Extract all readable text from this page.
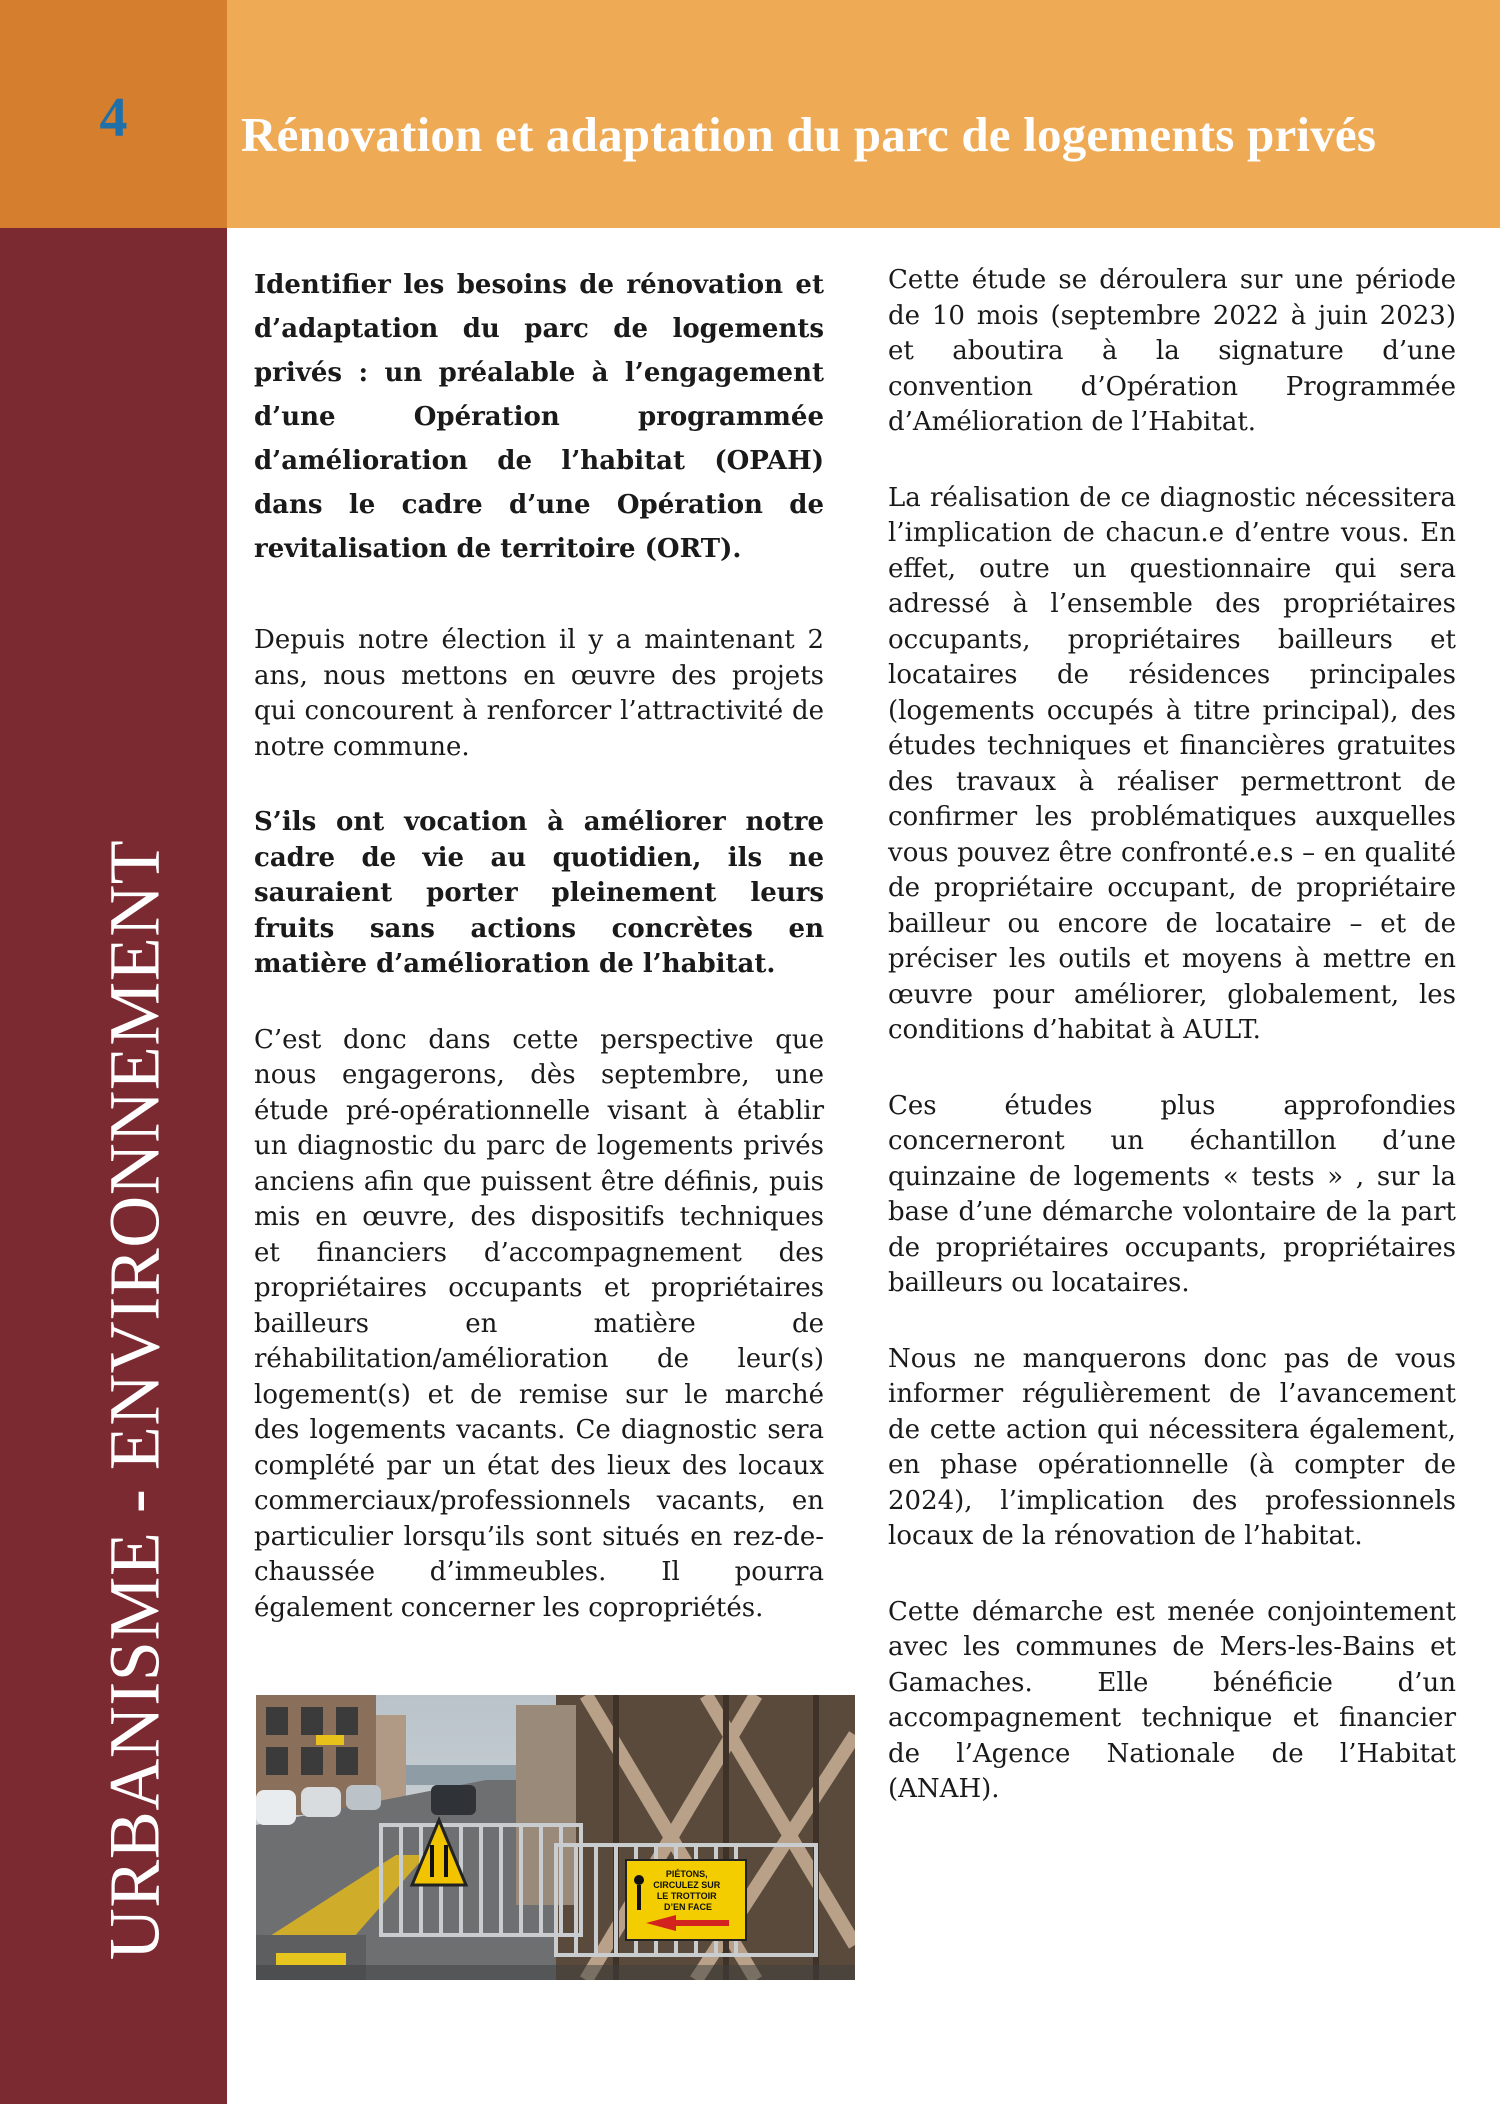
4	Rénovation et adaptation du parc de logements privés
URBANISME - ENVIRONNEMENT

Identifier les besoins de rénovation et d’adaptation du parc de logements privés : un préalable à l’engagement d’une Opération programmée d’amélioration de l’habitat (OPAH) dans le cadre d’une Opération de revitalisation de territoire (ORT).

Depuis notre élection il y a maintenant 2 ans, nous mettons en œuvre des projets qui concourent à renforcer l’attractivité de notre commune.

S’ils ont vocation à améliorer notre cadre de vie au quotidien, ils ne sauraient porter pleinement leurs fruits sans actions concrètes en matière d’amélioration de l’habitat.

C’est donc dans cette perspective que nous engagerons, dès septembre, une étude pré-opérationnelle visant à établir un diagnostic du parc de logements privés anciens afin que puissent être définis, puis mis en œuvre, des dispositifs techniques et financiers d’accompagnement des propriétaires occupants et propriétaires bailleurs en matière de réhabilitation/amélioration de leur(s) logement(s) et de remise sur le marché des logements vacants. Ce diagnostic sera complété par un état des lieux des locaux commerciaux/professionnels vacants, en particulier lorsqu’ils sont situés en rez-de-chaussée d’immeubles. Il pourra également concerner les copropriétés.

PIÉTONS, CIRCULEZ SUR LE TROTTOIR D’EN FACE

Cette étude se déroulera sur une période de 10 mois (septembre 2022 à juin 2023) et aboutira à la signature d’une convention d’Opération Programmée d’Amélioration de l’Habitat.

La réalisation de ce diagnostic nécessitera l’implication de chacun.e d’entre vous. En effet, outre un questionnaire qui sera adressé à l’ensemble des propriétaires occupants, propriétaires bailleurs et locataires de résidences principales (logements occupés à titre principal), des études techniques et financières gratuites des travaux à réaliser permettront de confirmer les problématiques auxquelles vous pouvez être confronté.e.s – en qualité de propriétaire occupant, de propriétaire bailleur ou encore de locataire – et de préciser les outils et moyens à mettre en œuvre pour améliorer, globalement, les conditions d’habitat à AULT.

Ces études plus approfondies concerneront un échantillon d’une quinzaine de logements « tests » , sur la base d’une démarche volontaire de la part de propriétaires occupants, propriétaires bailleurs ou locataires.

Nous ne manquerons donc pas de vous informer régulièrement de l’avancement de cette action qui nécessitera également, en phase opérationnelle (à compter de 2024), l’implication des professionnels locaux de la rénovation de l’habitat.

Cette démarche est menée conjointement avec les communes de Mers-les-Bains et Gamaches. Elle bénéficie d’un accompagnement technique et financier de l’Agence Nationale de l’Habitat (ANAH).
